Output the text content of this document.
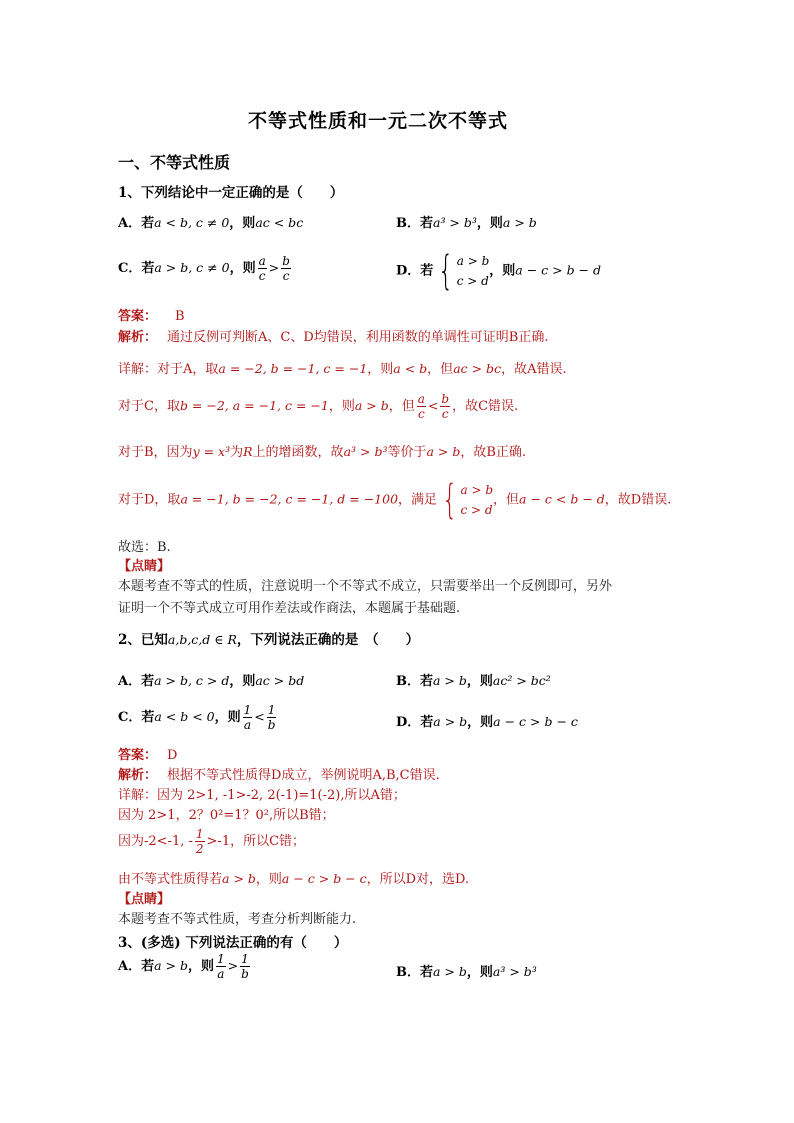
不等式性质和一元二次不等式
一、不等式性质
1、下列结论中一定正确的是（　　）
A．若a < b, c ≠ 0，则ac < bc	B．若a³ > b³，则a > b
C．若a > b, c ≠ 0，则 $\frac{a}{c} > \frac{b}{c}$	D．若 { a > b
c > d
，则a − c > b − d
答案： B
解析： 通过反例可判断A、C、D均错误，利用函数的单调性可证明B正确.
详解：对于A，取a = −2, b = −1, c = −1，则a < b，但ac > bc，故A错误.
对于C，取b = −2, a = −1, c = −1，则a > b，但 $\frac{a}{c} < \frac{b}{c}$ ，故C错误.
对于B，因为y = x³为R上的增函数，故a³ > b³等价于a > b，故B正确.
对于D，取a = −1, b = −2, c = −1, d = −100，满足 { a > b
c > d
，但a − c < b − d，故D错误.
故选：B.
【点睛】
本题考查不等式的性质，注意说明一个不等式不成立，只需要举出一个反例即可，另外
证明一个不等式成立可用作差法或作商法，本题属于基础题.
2、已知a,b,c,d ∈ R，下列说法正确的是　（　　）
A．若a > b, c > d，则ac > bd	B．若a > b，则ac² > bc²
C．若a < b < 0，则 $\frac{1}{a} < \frac{1}{b}$	D．若a > b，则a − c > b − c
答案： D
解析： 根据不等式性质得D成立，举例说明A,B,C错误.
详解：因为 2>1, -1>-2, 2(-1)=1(-2),所以A错；
因为 2>1，2？0²=1？0²,所以B错；
因为-2<-1, - $\frac{1}{2} >-1$，所以C错；
由不等式性质得若a > b，则a − c > b − c，所以D对，选D.
【点睛】
本题考查不等式性质，考查分析判断能力.
3、(多选) 下列说法正确的有（　　）
A．若a > b，则 $\frac{1}{a} > \frac{1}{b}$	B．若a > b，则a³ > b³
